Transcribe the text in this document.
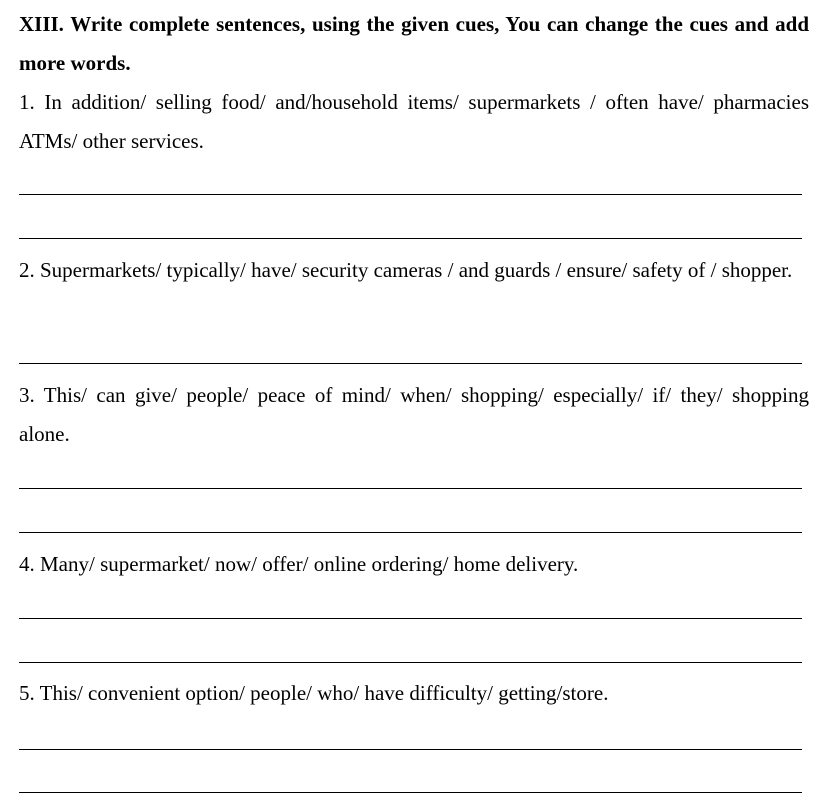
XIII. Write complete sentences, using the given cues, You can change the cues and add more words.

1. In addition/ selling food/ and/household items/ supermarkets / often have/ pharmacies ATMs/ other services.

2. Supermarkets/ typically/ have/ security cameras / and guards / ensure/ safety of / shopper.

3. This/ can give/ people/ peace of mind/ when/ shopping/ especially/ if/ they/ shopping alone.

4. Many/ supermarket/ now/ offer/ online ordering/ home delivery.

5. This/ convenient option/ people/ who/ have difficulty/ getting/store.
